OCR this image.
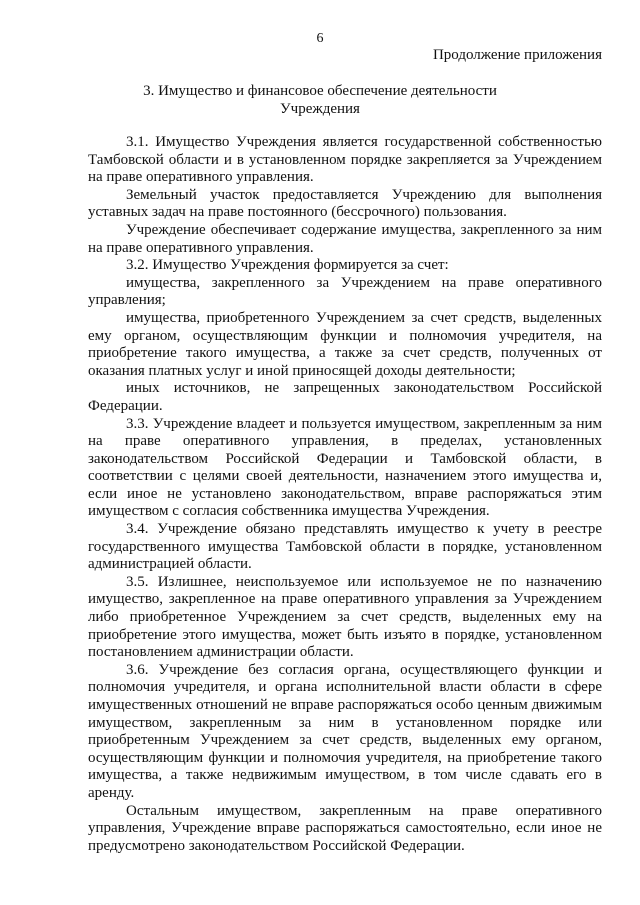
6
Продолжение приложения
3. Имущество и финансовое обеспечение деятельности
Учреждения

3.1. Имущество Учреждения является государственной собственностью Тамбовской области и в установленном порядке закрепляется за Учреждением на праве оперативного управления.

Земельный участок предоставляется Учреждению для выполнения уставных задач на праве постоянного (бессрочного) пользования.

Учреждение обеспечивает содержание имущества, закрепленного за ним на праве оперативного управления.

3.2. Имущество Учреждения формируется за счет:

имущества, закрепленного за Учреждением на праве оперативного управления;

имущества, приобретенного Учреждением за счет средств, выделенных ему органом, осуществляющим функции и полномочия учредителя, на приобретение такого имущества, а также за счет средств, полученных от оказания платных услуг и иной приносящей доходы деятельности;

иных источников, не запрещенных законодательством Российской Федерации.

3.3. Учреждение владеет и пользуется имуществом, закрепленным за ним на праве оперативного управления, в пределах, установленных законодательством Российской Федерации и Тамбовской области, в соответствии с целями своей деятельности, назначением этого имущества и, если иное не установлено законодательством, вправе распоряжаться этим имуществом с согласия собственника имущества Учреждения.

3.4. Учреждение обязано представлять имущество к учету в реестре государственного имущества Тамбовской области в порядке, установленном администрацией области.

3.5. Излишнее, неиспользуемое или используемое не по назначению имущество, закрепленное на праве оперативного управления за Учреждением либо приобретенное Учреждением за счет средств, выделенных ему на приобретение этого имущества, может быть изъято в порядке, установленном постановлением администрации области.

3.6. Учреждение без согласия органа, осуществляющего функции и полномочия учредителя, и органа исполнительной власти области в сфере имущественных отношений не вправе распоряжаться особо ценным движимым имуществом, закрепленным за ним в установленном порядке или приобретенным Учреждением за счет средств, выделенных ему органом, осуществляющим функции и полномочия учредителя, на приобретение такого имущества, а также недвижимым имуществом, в том числе сдавать его в аренду.

Остальным имуществом, закрепленным на праве оперативного управления, Учреждение вправе распоряжаться самостоятельно, если иное не предусмотрено законодательством Российской Федерации.
